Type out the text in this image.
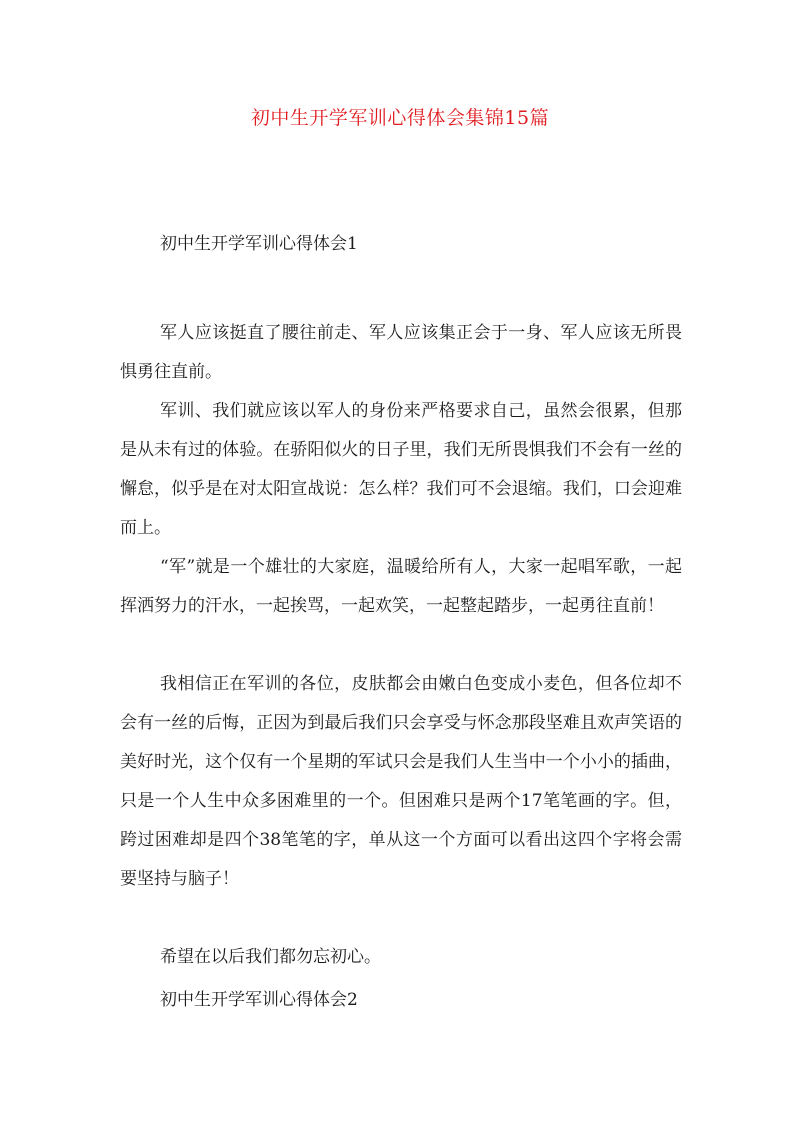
初中生开学军训心得体会集锦15篇
初中生开学军训心得体会1

军人应该挺直了腰往前走、军人应该集正会于一身、军人应该无所畏惧勇往直前。

军训、我们就应该以军人的身份来严格要求自己，虽然会很累，但那是从未有过的体验。在骄阳似火的日子里，我们无所畏惧我们不会有一丝的懈怠，似乎是在对太阳宣战说：怎么样？我们可不会退缩。我们，口会迎难而上。

“军”就是一个雄壮的大家庭，温暖给所有人，大家一起唱军歌，一起挥洒努力的汗水，一起挨骂，一起欢笑，一起整起踏步，一起勇往直前！

我相信正在军训的各位，皮肤都会由嫩白色变成小麦色，但各位却不会有一丝的后悔，正因为到最后我们只会享受与怀念那段坚难且欢声笑语的美好时光，这个仅有一个星期的军试只会是我们人生当中一个小小的插曲，只是一个人生中众多困难里的一个。但困难只是两个17笔笔画的字。但，跨过困难却是四个38笔笔的字，单从这一个方面可以看出这四个字将会需要坚持与脑子！

希望在以后我们都勿忘初心。

初中生开学军训心得体会2
